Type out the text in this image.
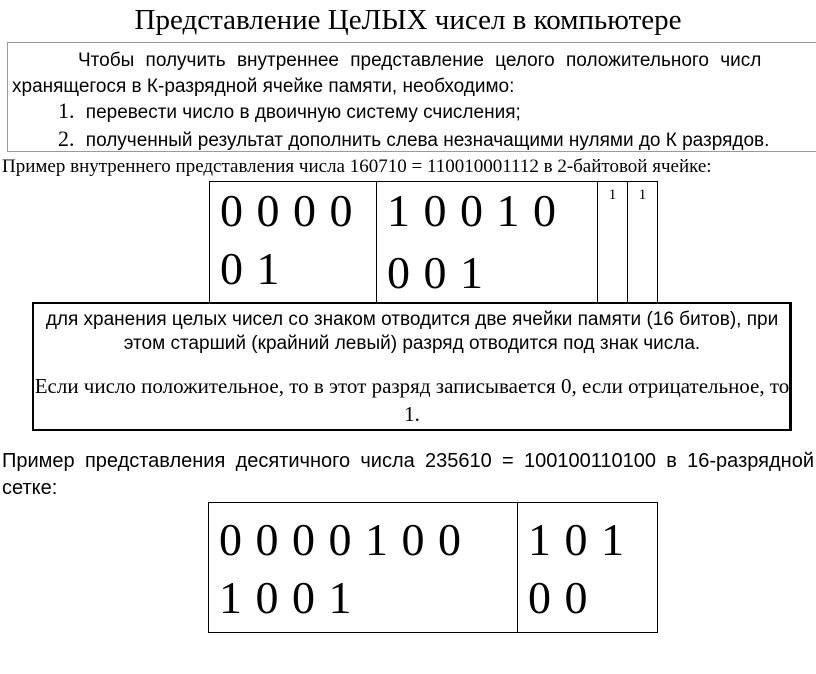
Представление ЦеЛЫХ чисел в компьютере
Чтобы получить внутреннее представление целого положительного числ
хранящегося в К-разрядной ячейке памяти, необходимо:
1. перевести число в двоичную систему счисления;
2. полученный результат дополнить слева незначащими нулями до К разрядов.
Пример внутреннего представления числа 160710 = 110010001112 в 2-байтовой ячейке:
0 0 0 0
0 1
1 0 0 1 0
0 0 1
1	1
для хранения целых чисел со знаком отводится две ячейки памяти (16 битов), при этом старший (крайний левый) разряд отводится под знак числа.
Если число положительное, то в этот разряд записывается 0, если отрицательное, то 1.
Пример представления десятичного числа 235610 = 100100110100 в 16-разрядной сетке:
0 0 0 0 1 0 0
1 0 0 1
1 0 1
0 0
